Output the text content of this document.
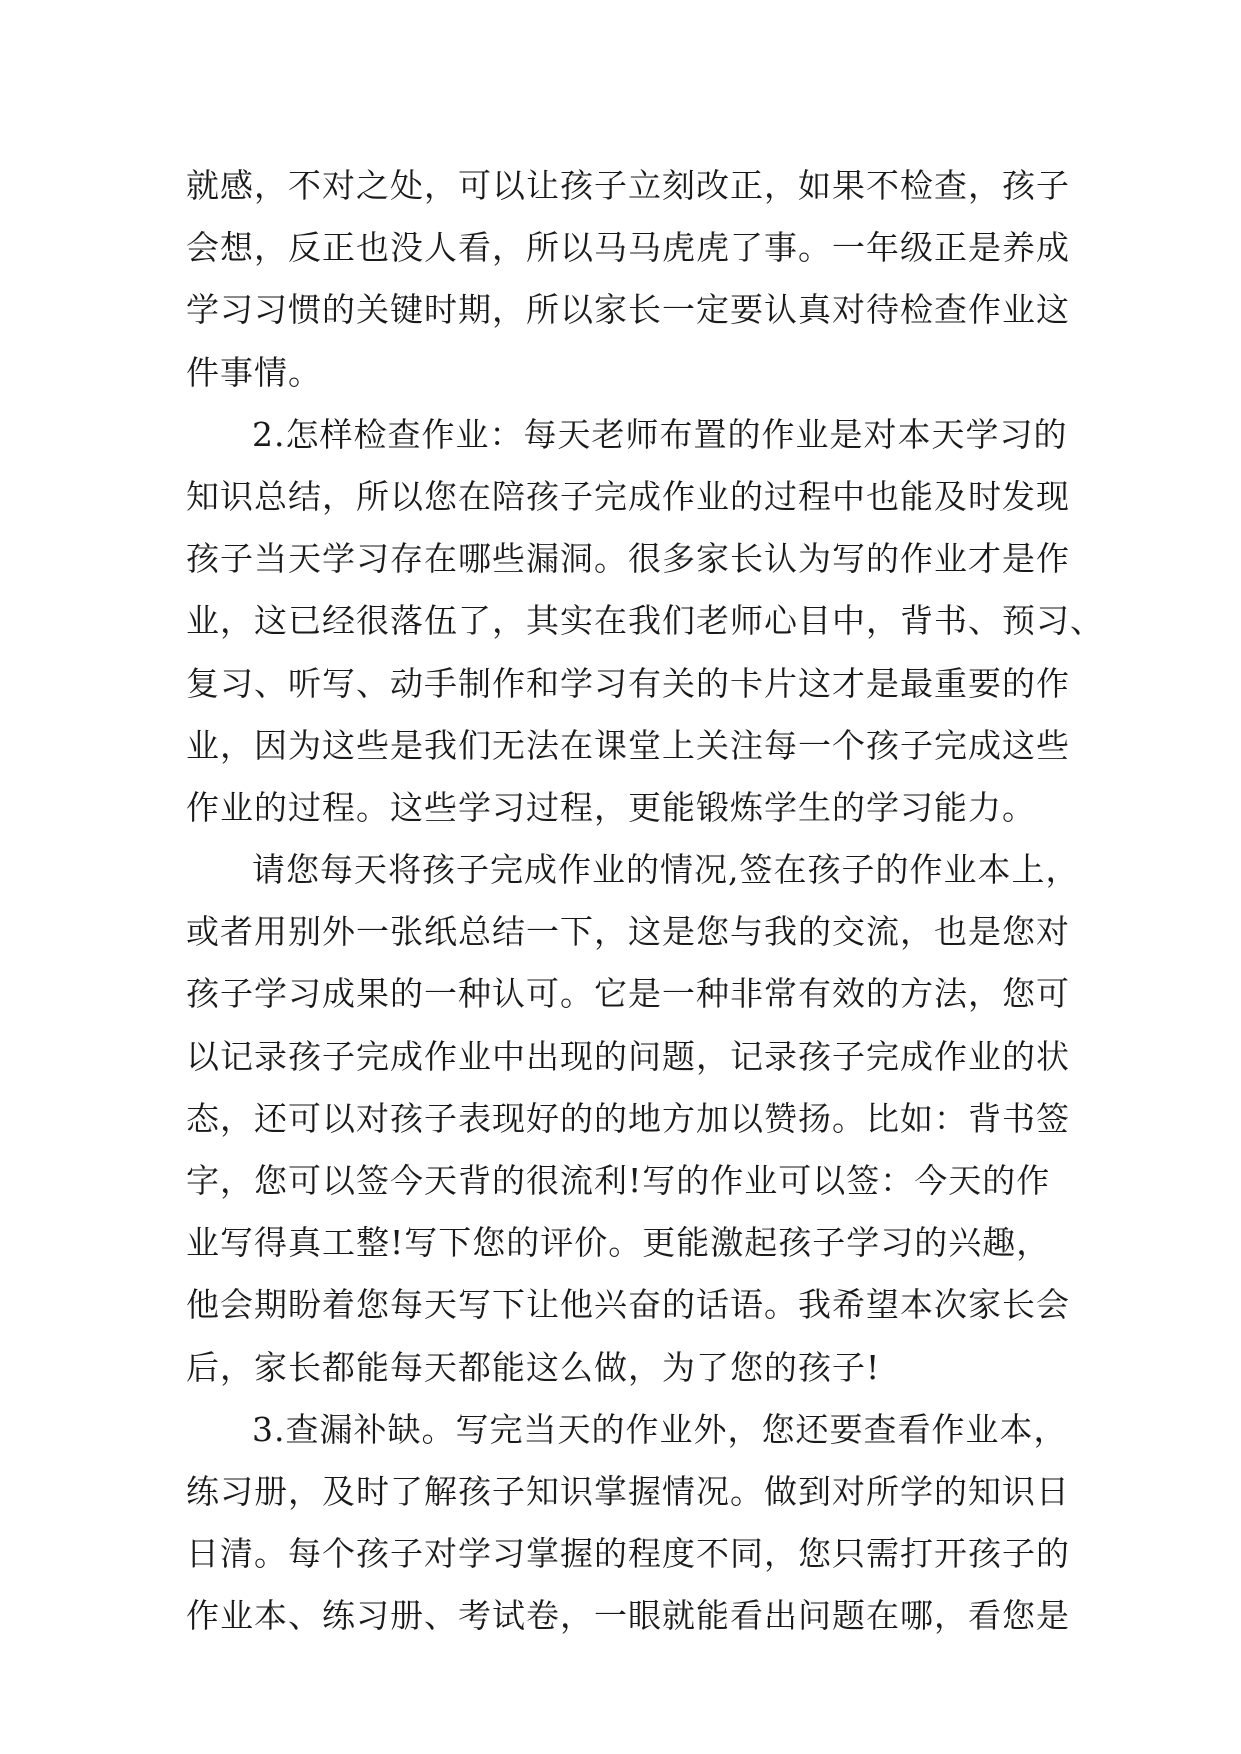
就感，不对之处，可以让孩子立刻改正，如果不检查，孩子
会想，反正也没人看，所以马马虎虎了事。一年级正是养成
学习习惯的关键时期，所以家长一定要认真对待检查作业这
件事情。
2.怎样检查作业：每天老师布置的作业是对本天学习的
知识总结，所以您在陪孩子完成作业的过程中也能及时发现
孩子当天学习存在哪些漏洞。很多家长认为写的作业才是作
业，这已经很落伍了，其实在我们老师心目中，背书、预习、
复习、听写、动手制作和学习有关的卡片这才是最重要的作
业，因为这些是我们无法在课堂上关注每一个孩子完成这些
作业的过程。这些学习过程，更能锻炼学生的学习能力。
请您每天将孩子完成作业的情况,签在孩子的作业本上，
或者用别外一张纸总结一下，这是您与我的交流，也是您对
孩子学习成果的一种认可。它是一种非常有效的方法，您可
以记录孩子完成作业中出现的问题，记录孩子完成作业的状
态，还可以对孩子表现好的的地方加以赞扬。比如：背书签
字，您可以签今天背的很流利!写的作业可以签：今天的作
业写得真工整!写下您的评价。更能激起孩子学习的兴趣，
他会期盼着您每天写下让他兴奋的话语。我希望本次家长会
后，家长都能每天都能这么做，为了您的孩子!
3.查漏补缺。写完当天的作业外，您还要查看作业本，
练习册，及时了解孩子知识掌握情况。做到对所学的知识日
日清。每个孩子对学习掌握的程度不同，您只需打开孩子的
作业本、练习册、考试卷，一眼就能看出问题在哪，看您是
